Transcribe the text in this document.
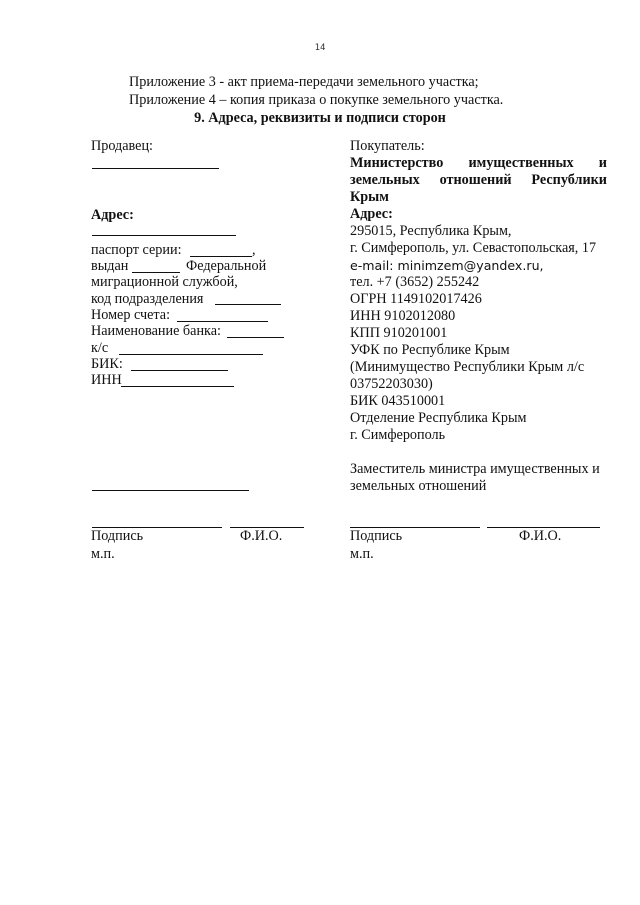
14
Приложение 3 - акт приема-передачи земельного участка;
Приложение 4 – копия приказа о покупке земельного участка.
9. Адреса, реквизиты и подписи сторон
Продавец:
Адрес:
паспорт серии:	,
выдан	Федеральной
миграционной службой,
код подразделения
Номер счета:
Наименование банка:
к/с
БИК:
ИНН
Подпись	Ф.И.О.
м.п.
Покупатель:
Министерство имущественных и
земельных отношений Республики
Крым
Адрес:
295015, Республика Крым,
г. Симферополь, ул. Севастопольская, 17
e-mail: minimzem@yandex.ru,
тел. +7 (3652) 255242
ОГРН 1149102017426
ИНН 9102012080
КПП 910201001
УФК по Республике Крым
(Минимущество Республики Крым л/с
03752203030)
БИК 043510001
Отделение Республика Крым
г. Симферополь
Заместитель министра имущественных и
земельных отношений
Подпись	Ф.И.О.
м.п.
